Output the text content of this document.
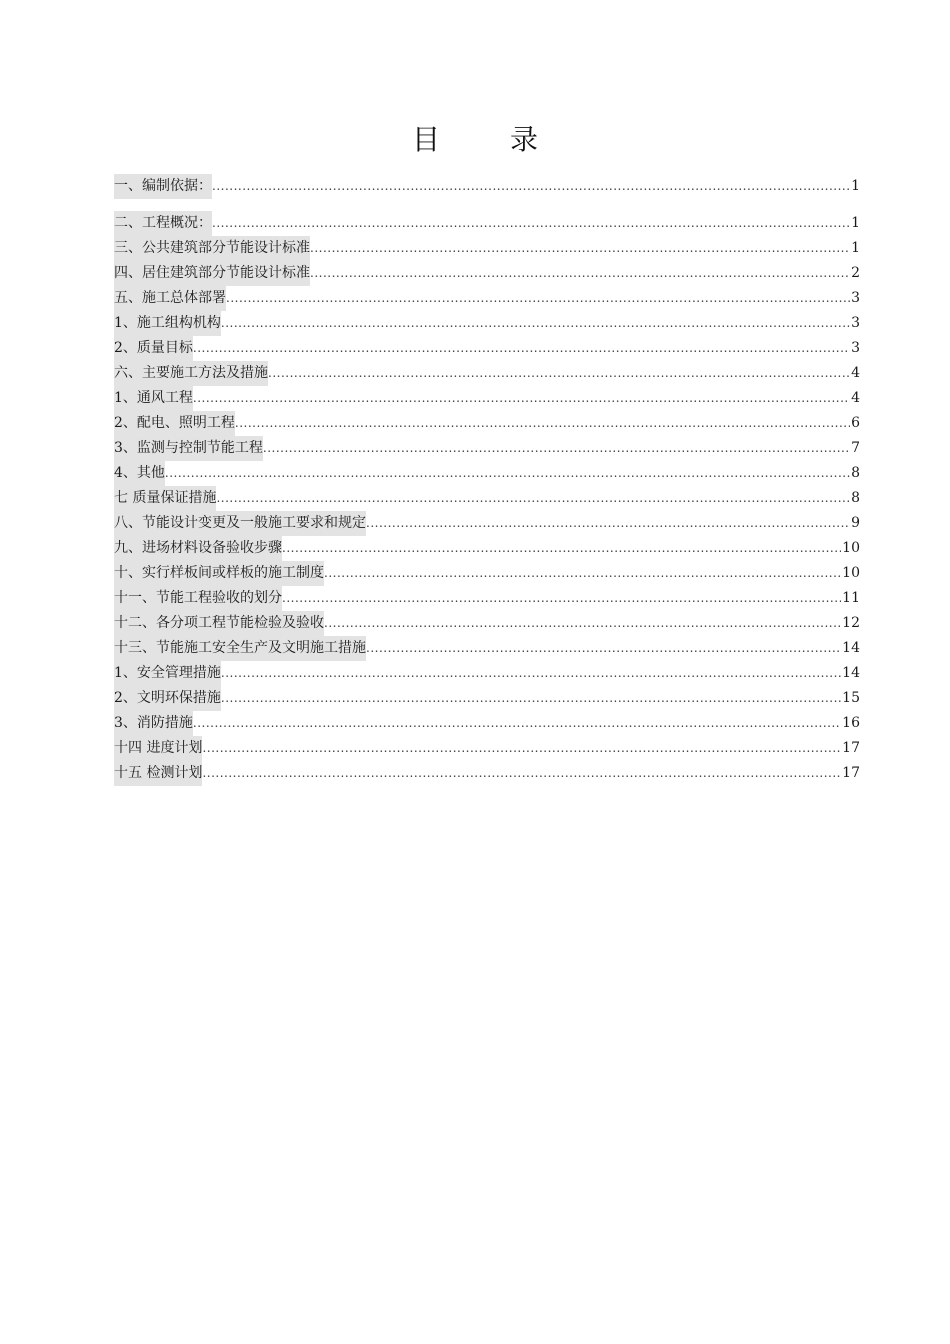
目	录
一、编制依据： .....	1
二、工程概况： .....	1
三、公共建筑部分节能设计标准 .....	1
四、居住建筑部分节能设计标准 .....	2
五、施工总体部署 .....	3
1、施工组构机构 .....	3
2、质量目标 .....	3
六、主要施工方法及措施 .....	4
1、通风工程 .....	4
2、配电、照明工程 .....	6
3、监测与控制节能工程 .....	7
4、其他 .....	8
七 质量保证措施 .....	8
八、节能设计变更及一般施工要求和规定 .....	9
九、进场材料设备验收步骤 .....	10
十、实行样板间或样板的施工制度 .....	10
十一、节能工程验收的划分 .....	11
十二、各分项工程节能检验及验收 .....	12
十三、节能施工安全生产及文明施工措施 .....	14
1、安全管理措施 .....	14
2、文明环保措施 .....	15
3、消防措施 .....	16
十四 进度计划 .....	17
十五 检测计划 .....	17
